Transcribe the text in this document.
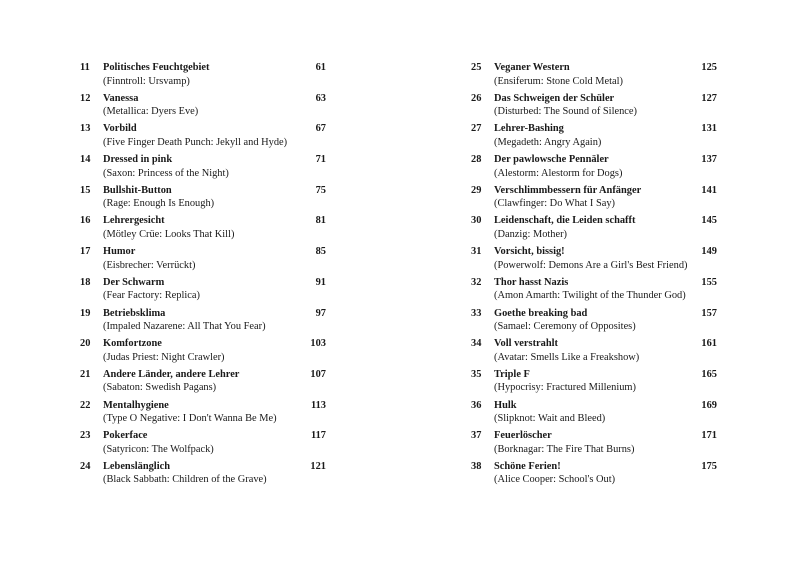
11 Politisches Feuchtgebiet	61
(Finntroll: Ursvamp)
12 Vanessa	63
(Metallica: Dyers Eve)
13 Vorbild	67
(Five Finger Death Punch: Jekyll and Hyde)
14 Dressed in pink	71
(Saxon: Princess of the Night)
15 Bullshit-Button	75
(Rage: Enough Is Enough)
16 Lehrergesicht	81
(Mötley Crüe: Looks That Kill)
17 Humor	85
(Eisbrecher: Verrückt)
18 Der Schwarm	91
(Fear Factory: Replica)
19 Betriebsklima	97
(Impaled Nazarene: All That You Fear)
20 Komfortzone	103
(Judas Priest: Night Crawler)
21 Andere Länder, andere Lehrer	107
(Sabaton: Swedish Pagans)
22 Mentalhygiene	113
(Type O Negative: I Don't Wanna Be Me)
23 Pokerface	117
(Satyricon: The Wolfpack)
24 Lebenslänglich	121
(Black Sabbath: Children of the Grave)
25 Veganer Western	125
(Ensiferum: Stone Cold Metal)
26 Das Schweigen der Schüler	127
(Disturbed: The Sound of Silence)
27 Lehrer-Bashing	131
(Megadeth: Angry Again)
28 Der pawlowsche Pennäler	137
(Alestorm: Alestorm for Dogs)
29 Verschlimmbessern für Anfänger	141
(Clawfinger: Do What I Say)
30 Leidenschaft, die Leiden schafft	145
(Danzig: Mother)
31 Vorsicht, bissig!	149
(Powerwolf: Demons Are a Girl's Best Friend)
32 Thor hasst Nazis	155
(Amon Amarth: Twilight of the Thunder God)
33 Goethe breaking bad	157
(Samael: Ceremony of Opposites)
34 Voll verstrahlt	161
(Avatar: Smells Like a Freakshow)
35 Triple F	165
(Hypocrisy: Fractured Millenium)
36 Hulk	169
(Slipknot: Wait and Bleed)
37 Feuerlöscher	171
(Borknagar: The Fire That Burns)
38 Schöne Ferien!	175
(Alice Cooper: School's Out)
